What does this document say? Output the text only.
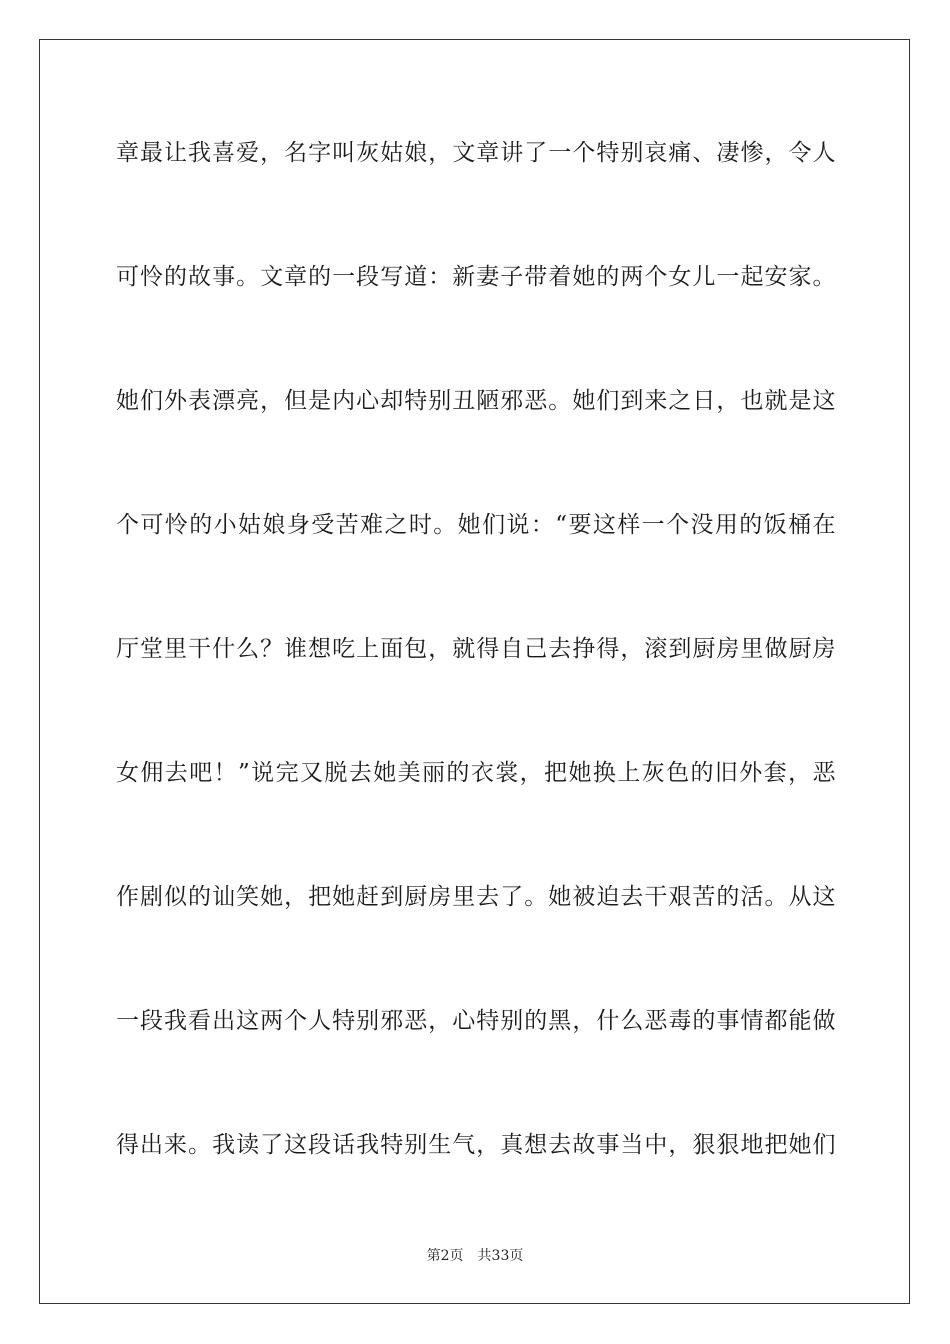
章最让我喜爱，名字叫灰姑娘，文章讲了一个特别哀痛、凄惨，令人
可怜的故事。文章的一段写道：新妻子带着她的两个女儿一起安家。
她们外表漂亮，但是内心却特别丑陋邪恶。她们到来之日，也就是这
个可怜的小姑娘身受苦难之时。她们说：“要这样一个没用的饭桶在
厅堂里干什么？谁想吃上面包，就得自己去挣得，滚到厨房里做厨房
女佣去吧！”说完又脱去她美丽的衣裳，把她换上灰色的旧外套，恶
作剧似的讪笑她，把她赶到厨房里去了。她被迫去干艰苦的活。从这
一段我看出这两个人特别邪恶，心特别的黑，什么恶毒的事情都能做
得出来。我读了这段话我特别生气，真想去故事当中，狠狠地把她们
第2页 共33页
